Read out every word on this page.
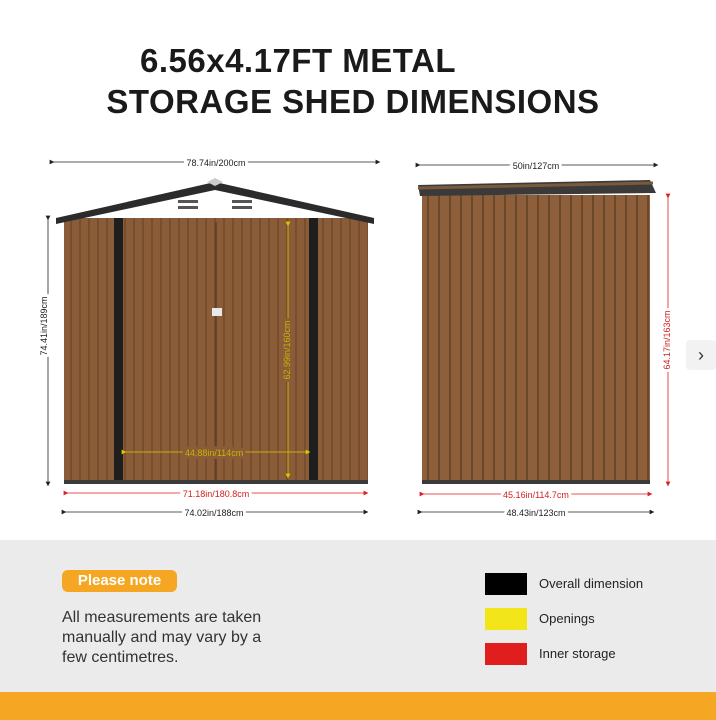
6.56x4.17FT METAL
STORAGE SHED DIMENSIONS
78.74in/200cm
74.41in/189cm	62.99in/160cm
44.88in/114cm
71.18in/180.8cm
74.02in/188cm
50in/127cm
64.17in/163cm
45.16in/114.7cm
48.43in/123cm
›
Please note
All measurements are taken manually and may vary by a few centimetres.
Overall dimension
Openings
Inner storage
